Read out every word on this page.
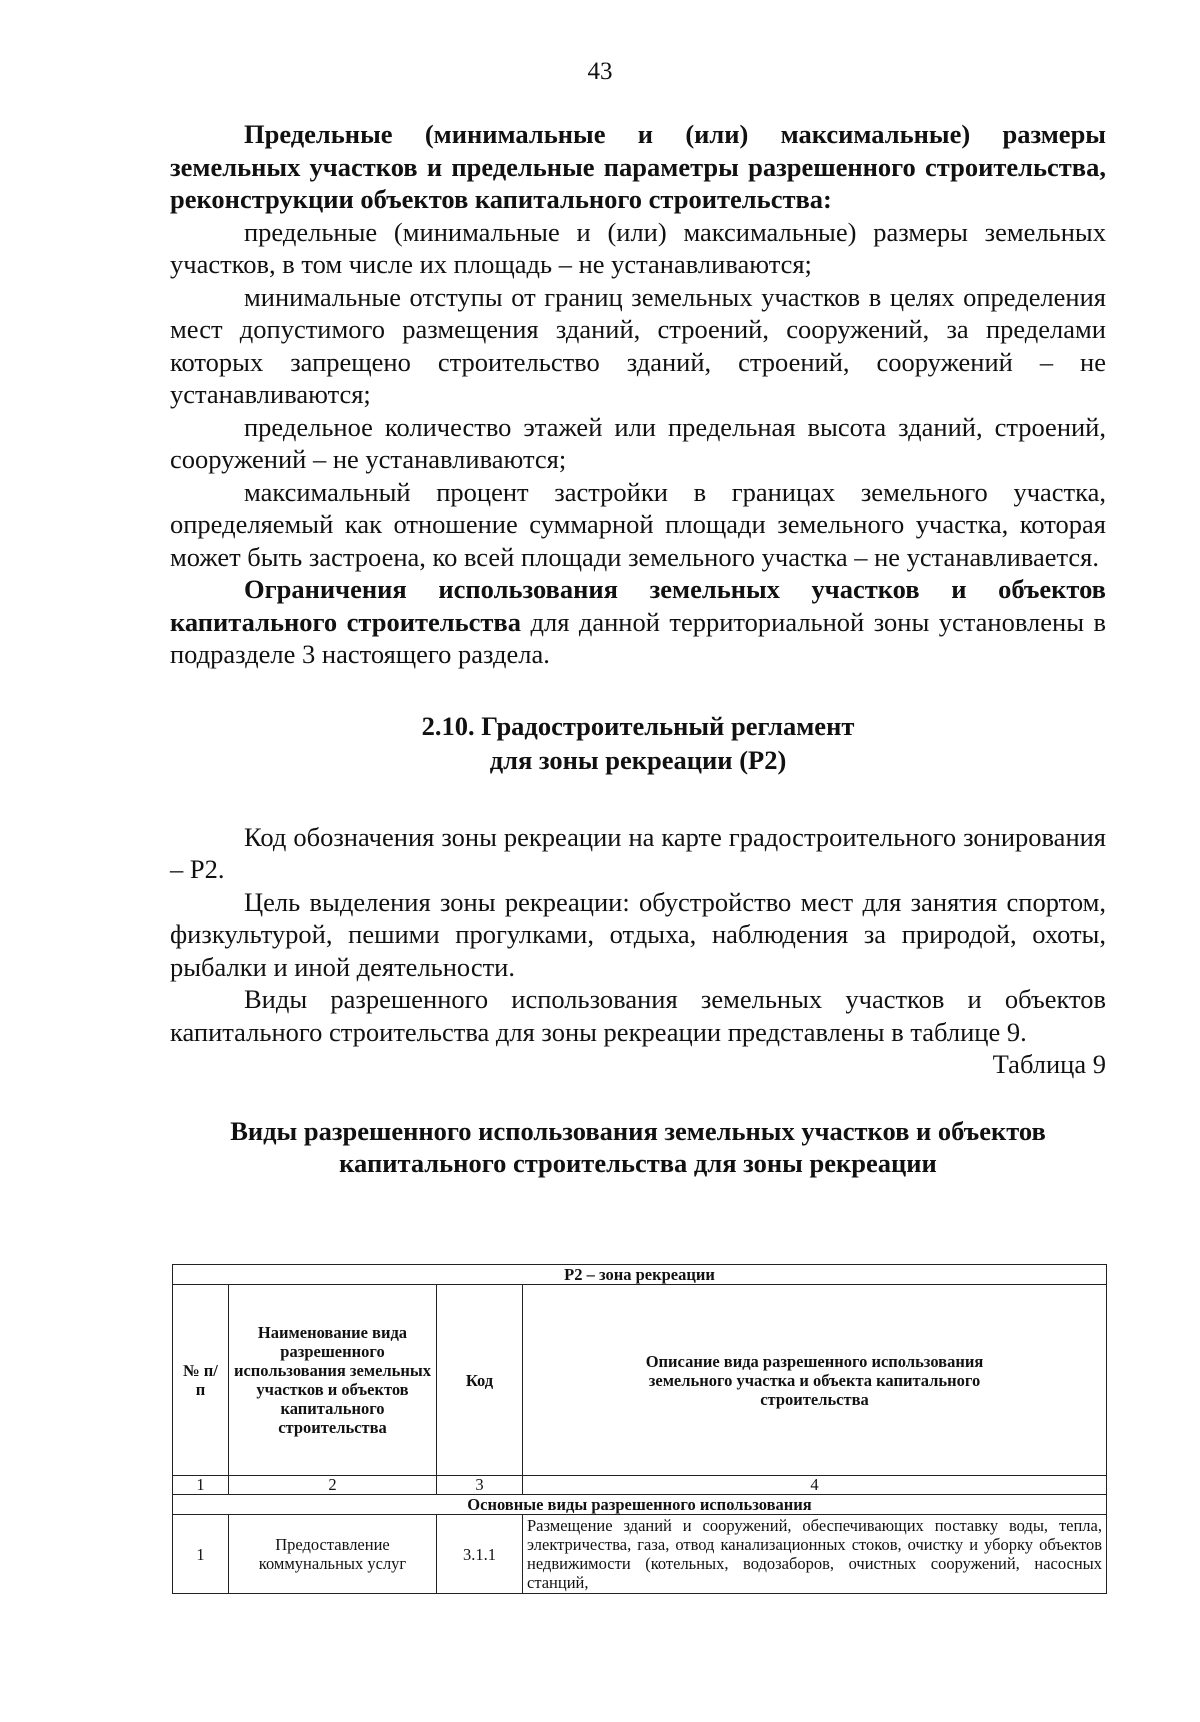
43

Предельные (минимальные и (или) максимальные) размеры земельных участков и предельные параметры разрешенного строительства, реконструкции объектов капитального строительства:

предельные (минимальные и (или) максимальные) размеры земельных участков, в том числе их площадь – не устанавливаются;

минимальные отступы от границ земельных участков в целях определения мест допустимого размещения зданий, строений, сооружений, за пределами которых запрещено строительство зданий, строений, сооружений – не устанавливаются;

предельное количество этажей или предельная высота зданий, строений, сооружений – не устанавливаются;

максимальный процент застройки в границах земельного участка, определяемый как отношение суммарной площади земельного участка, которая может быть застроена, ко всей площади земельного участка – не устанавливается.

Ограничения использования земельных участков и объектов капитального строительства для данной территориальной зоны установлены в подразделе 3 настоящего раздела.

2.10. Градостроительный регламент
для зоны рекреации (Р2)

Код обозначения зоны рекреации на карте градостроительного зонирования – Р2.

Цель выделения зоны рекреации: обустройство мест для занятия спортом, физкультурой, пешими прогулками, отдыха, наблюдения за природой, охоты, рыбалки и иной деятельности.

Виды разрешенного использования земельных участков и объектов капитального строительства для зоны рекреации представлены в таблице 9.

Таблица 9

Виды разрешенного использования земельных участков и объектов
капитального строительства для зоны рекреации

Р2 – зона рекреации			
№ п/п	Наименование вида разрешенного использования земельных участков и объектов капитального строительства	Код	Описание вида разрешенного использования земельного участка и объекта капитального строительства
1	2	3	4
Основные виды разрешенного использования			
1	Предоставление коммунальных услуг	3.1.1	Размещение зданий и сооружений, обеспечивающих поставку воды, тепла, электричества, газа, отвод канализационных стоков, очистку и уборку объектов недвижимости (котельных, водозаборов, очистных сооружений, насосных станций,
